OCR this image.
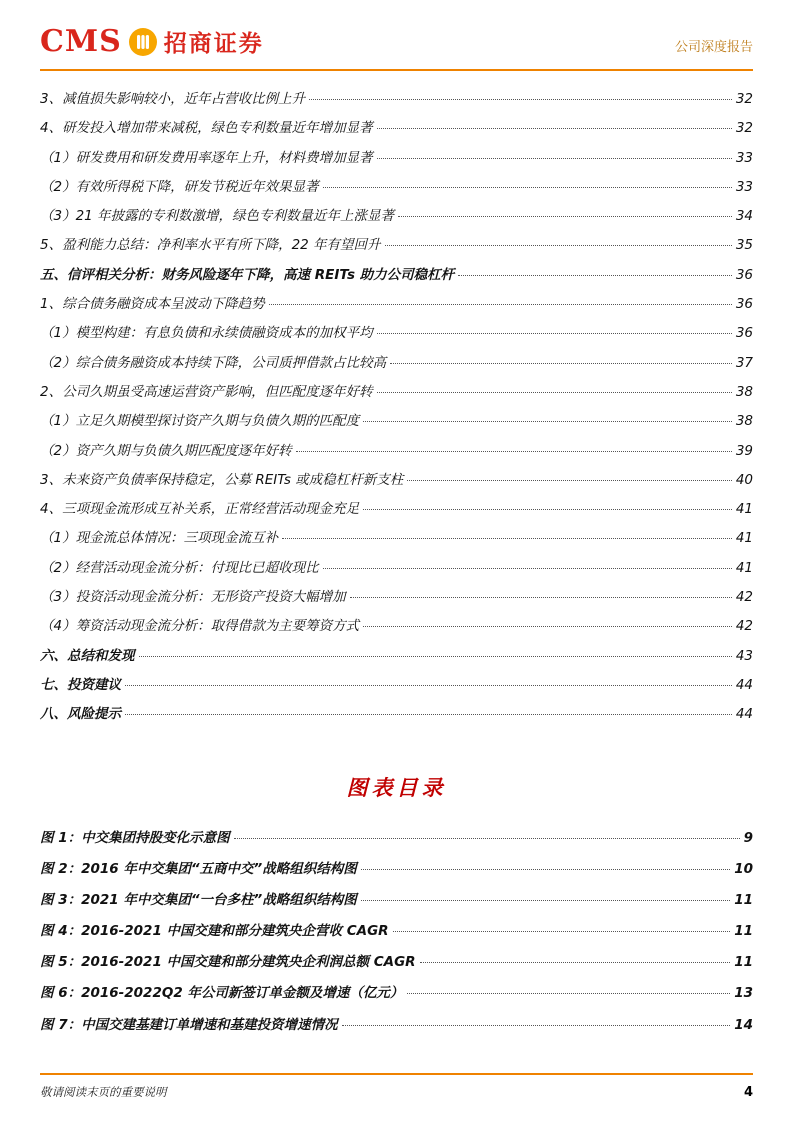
CMS 招商证券	公司深度报告
3、减值损失影响较小，近年占营收比例上升	32
4、研发投入增加带来减税，绿色专利数量近年增加显著	32
（1）研发费用和研发费用率逐年上升，材料费增加显著	33
（2）有效所得税下降，研发节税近年效果显著	33
（3）21 年披露的专利数激增，绿色专利数量近年上涨显著	34
5、盈利能力总结：净利率水平有所下降，22 年有望回升	35
五、信评相关分析：财务风险逐年下降，高速 REITs 助力公司稳杠杆	36
1、综合债务融资成本呈波动下降趋势	36
（1）模型构建：有息负债和永续债融资成本的加权平均	36
（2）综合债务融资成本持续下降，公司质押借款占比较高	37
2、公司久期虽受高速运营资产影响，但匹配度逐年好转	38
（1）立足久期模型探讨资产久期与负债久期的匹配度	38
（2）资产久期与负债久期匹配度逐年好转	39
3、未来资产负债率保持稳定，公募 REITs 或成稳杠杆新支柱	40
4、三项现金流形成互补关系，正常经营活动现金充足	41
（1）现金流总体情况：三项现金流互补	41
（2）经营活动现金流分析：付现比已超收现比	41
（3）投资活动现金流分析：无形资产投资大幅增加	42
（4）筹资活动现金流分析：取得借款为主要筹资方式	42
六、总结和发现	43
七、投资建议	44
八、风险提示	44
图表目录
图 1：中交集团持股变化示意图	9
图 2：2016 年中交集团“五商中交”战略组织结构图	10
图 3：2021 年中交集团“一台多柱”战略组织结构图	11
图 4：2016-2021 中国交建和部分建筑央企营收 CAGR	11
图 5：2016-2021 中国交建和部分建筑央企利润总额 CAGR	11
图 6：2016-2022Q2 年公司新签订单金额及增速（亿元）	13
图 7：中国交建基建订单增速和基建投资增速情况	14
敬请阅读末页的重要说明	4
